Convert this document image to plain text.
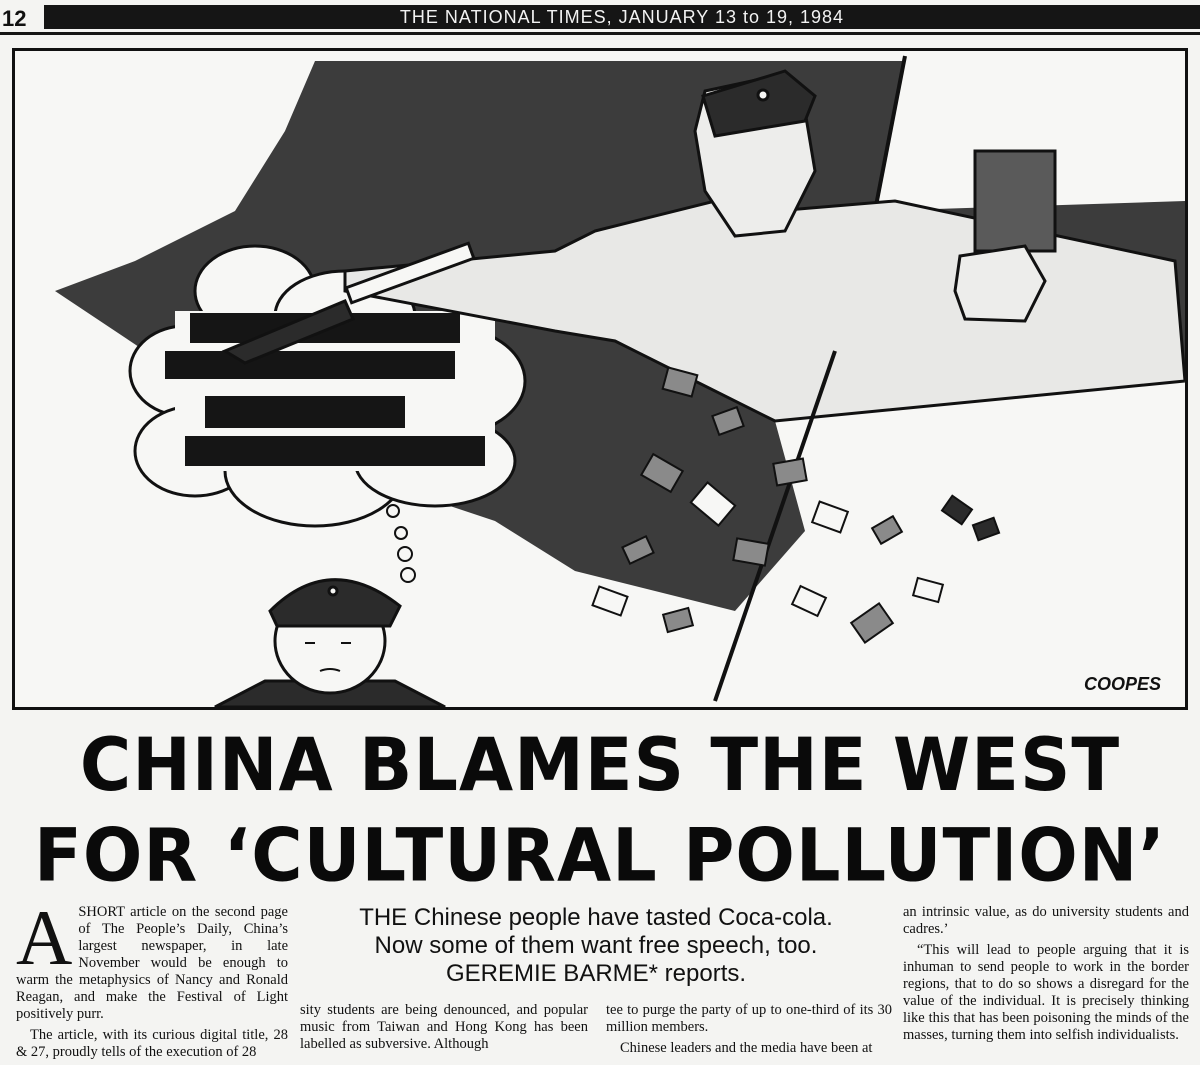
12	THE NATIONAL TIMES, JANUARY 13 to 19, 1984
COOPES
CHINA BLAMES THE WEST
FOR ‘CULTURAL POLLUTION’

A SHORT article on the second page of The People’s Daily, China’s largest newspaper, in late November would be enough to warm the metaphysics of Nancy and Ronald Reagan, and make the Festival of Light positively purr.

The article, with its curious digital title, 28 & 27, proudly tells of the execution of 28

THE Chinese people have tasted Coca-cola.
Now some of them want free speech, too.
GEREMIE BARME* reports.

sity students are being denounced, and popular music from Taiwan and Hong Kong has been labelled as subversive. Although

tee to purge the party of up to one-third of its 30 million members.

Chinese leaders and the media have been at

an intrinsic value, as do university students and cadres.’

“This will lead to people arguing that it is inhuman to send people to work in the border regions, that to do so shows a disregard for the value of the individual. It is precisely thinking like this that has been poisoning the minds of the masses, turning them into selfish individualists.
